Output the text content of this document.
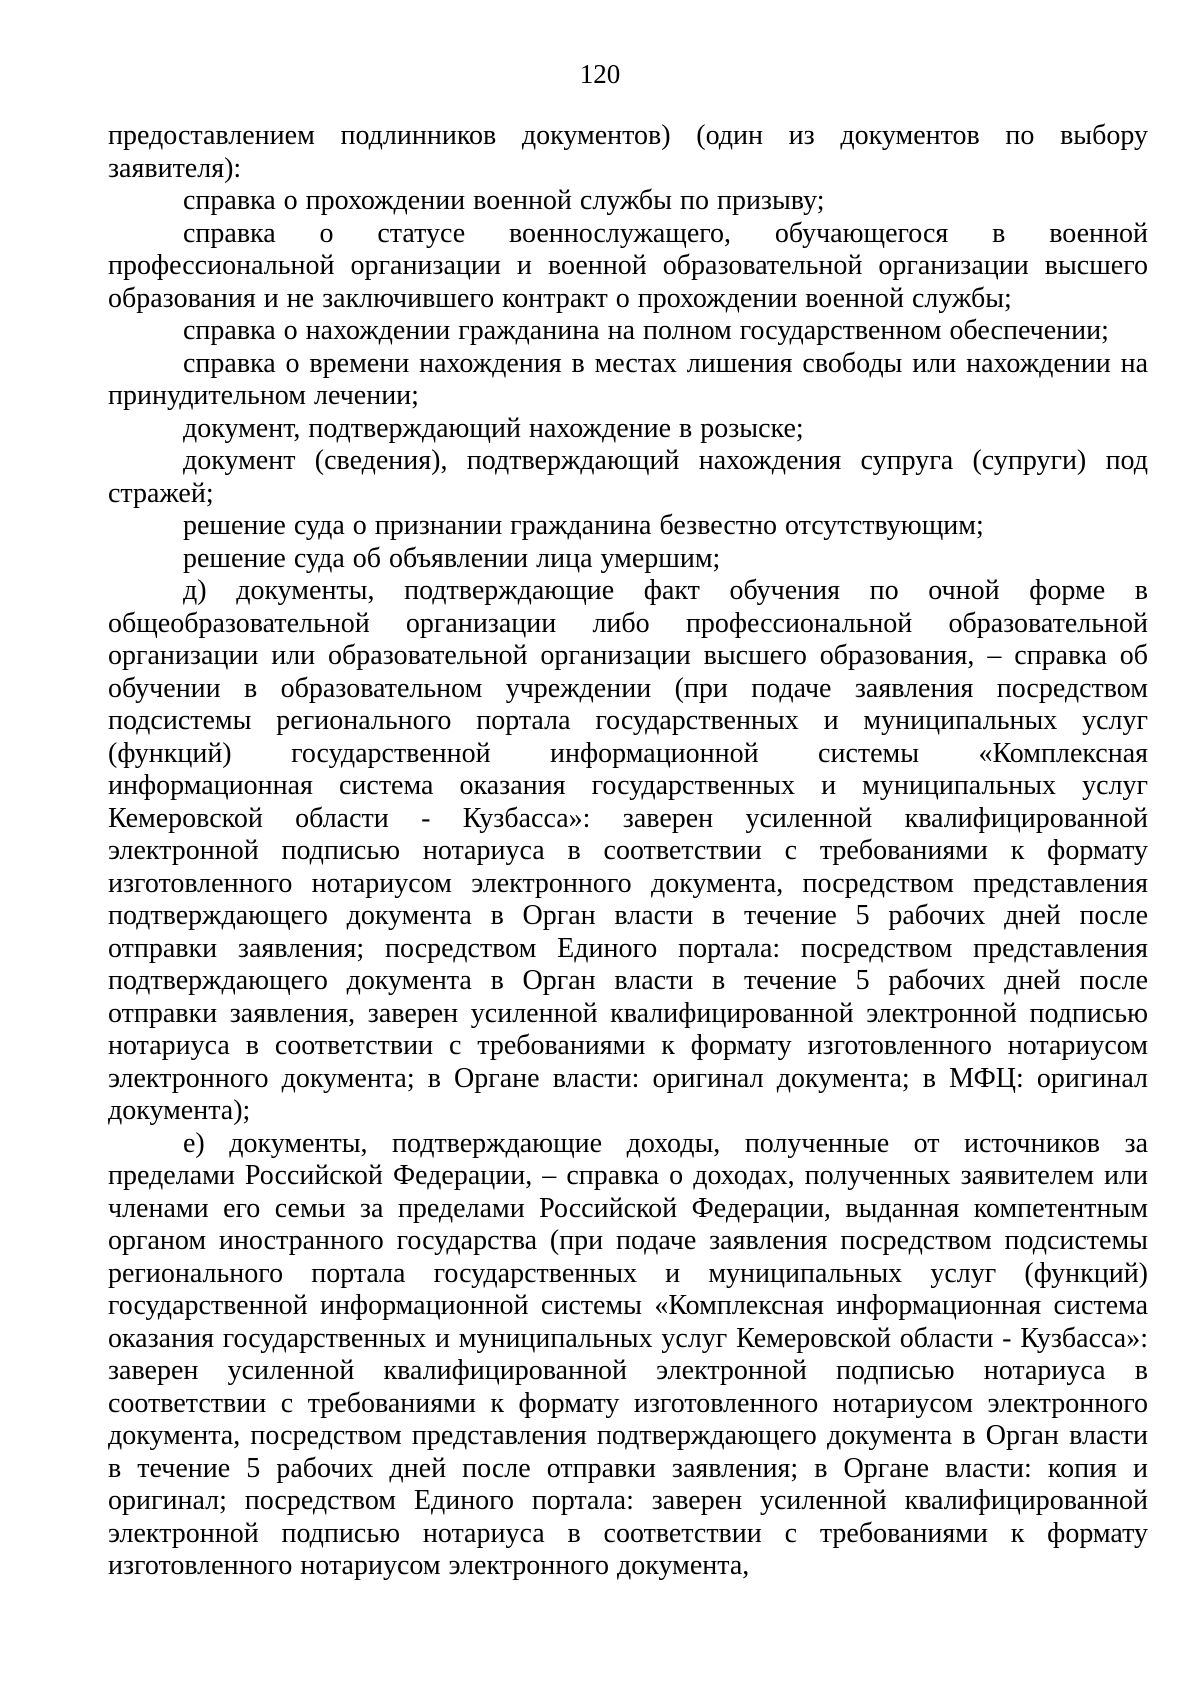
120

предоставлением подлинников документов) (один из документов по выбору заявителя):

справка о прохождении военной службы по призыву;

справка о статусе военнослужащего, обучающегося в военной профессиональной организации и военной образовательной организации высшего образования и не заключившего контракт о прохождении военной службы;

справка о нахождении гражданина на полном государственном обеспечении;

справка о времени нахождения в местах лишения свободы или нахождении на принудительном лечении;

документ, подтверждающий нахождение в розыске;

документ (сведения), подтверждающий нахождения супруга (супруги) под стражей;

решение суда о признании гражданина безвестно отсутствующим;

решение суда об объявлении лица умершим;

д) документы, подтверждающие факт обучения по очной форме в общеобразовательной организации либо профессиональной образовательной организации или образовательной организации высшего образования, – справка об обучении в образовательном учреждении (при подаче заявления посредством подсистемы регионального портала государственных и муниципальных услуг (функций) государственной информационной системы «Комплексная информационная система оказания государственных и муниципальных услуг Кемеровской области - Кузбасса»: заверен усиленной квалифицированной электронной подписью нотариуса в соответствии с требованиями к формату изготовленного нотариусом электронного документа, посредством представления подтверждающего документа в Орган власти в течение 5 рабочих дней после отправки заявления; посредством Единого портала: посредством представления подтверждающего документа в Орган власти в течение 5 рабочих дней после отправки заявления, заверен усиленной квалифицированной электронной подписью нотариуса в соответствии с требованиями к формату изготовленного нотариусом электронного документа; в Органе власти: оригинал документа; в МФЦ: оригинал документа);

е) документы, подтверждающие доходы, полученные от источников за пределами Российской Федерации, – справка о доходах, полученных заявителем или членами его семьи за пределами Российской Федерации, выданная компетентным органом иностранного государства (при подаче заявления посредством подсистемы регионального портала государственных и муниципальных услуг (функций) государственной информационной системы «Комплексная информационная система оказания государственных и муниципальных услуг Кемеровской области - Кузбасса»: заверен усиленной квалифицированной электронной подписью нотариуса в соответствии с требованиями к формату изготовленного нотариусом электронного документа, посредством представления подтверждающего документа в Орган власти в течение 5 рабочих дней после отправки заявления; в Органе власти: копия и оригинал; посредством Единого портала: заверен усиленной квалифицированной электронной подписью нотариуса в соответствии с требованиями к формату изготовленного нотариусом электронного документа,
